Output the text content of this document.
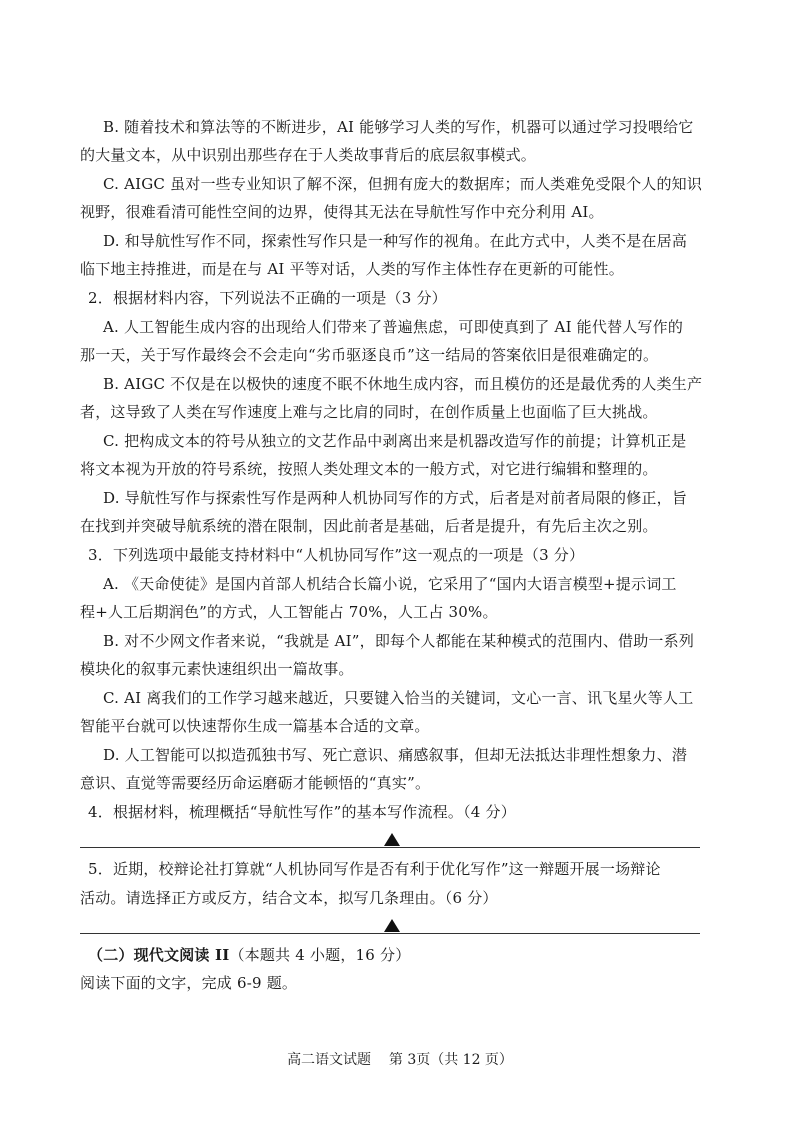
B. 随着技术和算法等的不断进步，AI 能够学习人类的写作，机器可以通过学习投喂给它
的大量文本，从中识别出那些存在于人类故事背后的底层叙事模式。
C. AIGC 虽对一些专业知识了解不深，但拥有庞大的数据库；而人类难免受限个人的知识
视野，很难看清可能性空间的边界，使得其无法在导航性写作中充分利用 AI。
D. 和导航性写作不同，探索性写作只是一种写作的视角。在此方式中，人类不是在居高
临下地主持推进，而是在与 AI 平等对话，人类的写作主体性存在更新的可能性。
2．根据材料内容，下列说法不正确的一项是（3 分）
A. 人工智能生成内容的出现给人们带来了普遍焦虑，可即使真到了 AI 能代替人写作的
那一天，关于写作最终会不会走向“劣币驱逐良币”这一结局的答案依旧是很难确定的。
B. AIGC 不仅是在以极快的速度不眠不休地生成内容，而且模仿的还是最优秀的人类生产
者，这导致了人类在写作速度上难与之比肩的同时，在创作质量上也面临了巨大挑战。
C. 把构成文本的符号从独立的文艺作品中剥离出来是机器改造写作的前提；计算机正是
将文本视为开放的符号系统，按照人类处理文本的一般方式，对它进行编辑和整理的。
D. 导航性写作与探索性写作是两种人机协同写作的方式，后者是对前者局限的修正，旨
在找到并突破导航系统的潜在限制，因此前者是基础，后者是提升，有先后主次之别。
3．下列选项中最能支持材料中“人机协同写作”这一观点的一项是（3 分）
A. 《天命使徒》是国内首部人机结合长篇小说，它采用了“国内大语言模型+提示词工
程+人工后期润色”的方式，人工智能占 70%，人工占 30%。
B. 对不少网文作者来说，“我就是 AI”，即每个人都能在某种模式的范围内、借助一系列
模块化的叙事元素快速组织出一篇故事。
C. AI 离我们的工作学习越来越近，只要键入恰当的关键词，文心一言、讯飞星火等人工
智能平台就可以快速帮你生成一篇基本合适的文章。
D. 人工智能可以拟造孤独书写、死亡意识、痛感叙事，但却无法抵达非理性想象力、潜
意识、直觉等需要经历命运磨砺才能顿悟的“真实”。
4．根据材料，梳理概括“导航性写作”的基本写作流程。（4 分）
5．近期，校辩论社打算就“人机协同写作是否有利于优化写作”这一辩题开展一场辩论
活动。请选择正方或反方，结合文本，拟写几条理由。（6 分）
（二）现代文阅读 II（本题共 4 小题，16 分）
阅读下面的文字，完成 6-9 题。
高二语文试题    第 3页（共 12 页）
